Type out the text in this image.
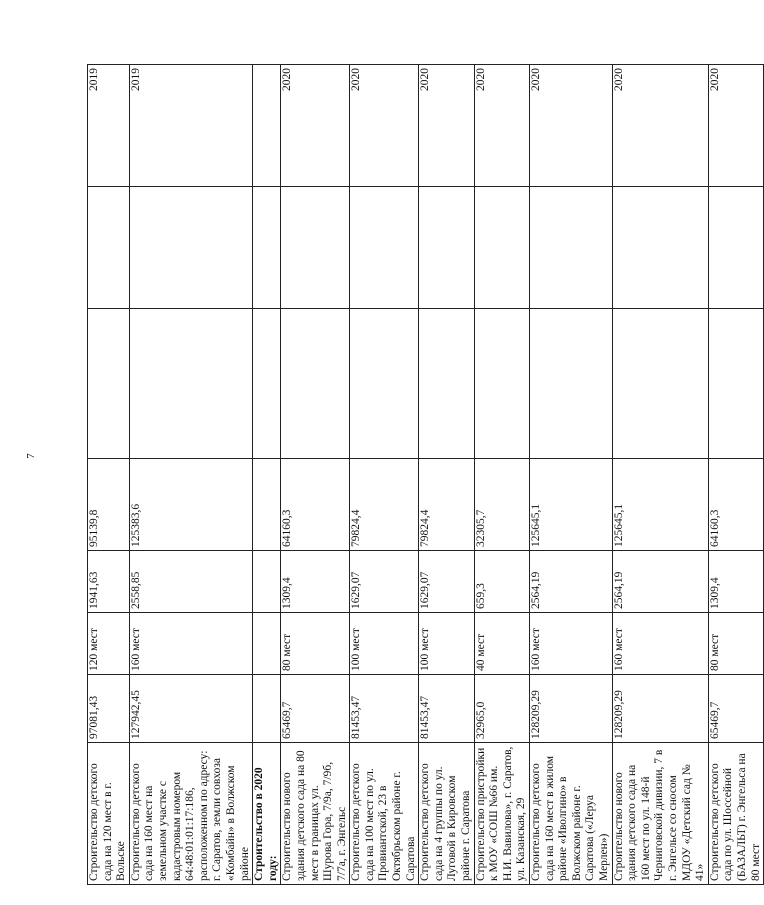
7
Строительство детского сада на 120 мест в г. Вольске	97081,43	120 мест	1941,63	95139,8			2019
Строительство детского сада на 160 мест на земельном участке с кадастровым номером 64:48:01:01:17:186, расположенном по адресу: г. Саратов, земли совхоза «Комбайн» в Волжском районе	127942,45	160 мест	2558,85	125383,6			2019
Строительство в 2020 году:							
Строительство нового здания детского сада на 80 мест в границах ул. Шурова Гора, 7/9а, 7/9б, 7/7а, г. Энгельс	65469,7	80 мест	1309,4	64160,3			2020
Строительство детского сада на 100 мест по ул. Провиантской, 23 в Октябрьском районе г. Саратова	81453,47	100 мест	1629,07	79824,4			2020
Строительство детского сада на 4 группы по ул. Луговой в Кировском районе г. Саратова	81453,47	100 мест	1629,07	79824,4			2020
Строительство пристройки к МОУ «СОШ №66 им. Н.И. Вавилова», г. Саратов, ул. Казанская, 29	32965,0	40 мест	659,3	32305,7			2020
Строительство детского сада на 160 мест в жилом районе «Иволгино» в Волжском районе г. Саратова («Леруа Мерлен»)	128209,29	160 мест	2564,19	125645,1			2020
Строительство нового здания детского сада на 160 мест по ул. 148-й Черниговской дивизии, 7 в г. Энгельсе со сносом МДОУ «Детский сад № 41»	128209,29	160 мест	2564,19	125645,1			2020
Строительство детского сада по ул. Шоссейной (БАЗАЛЬТ) г. Энгельса на 80 мест	65469,7	80 мест	1309,4	64160,3			2020
